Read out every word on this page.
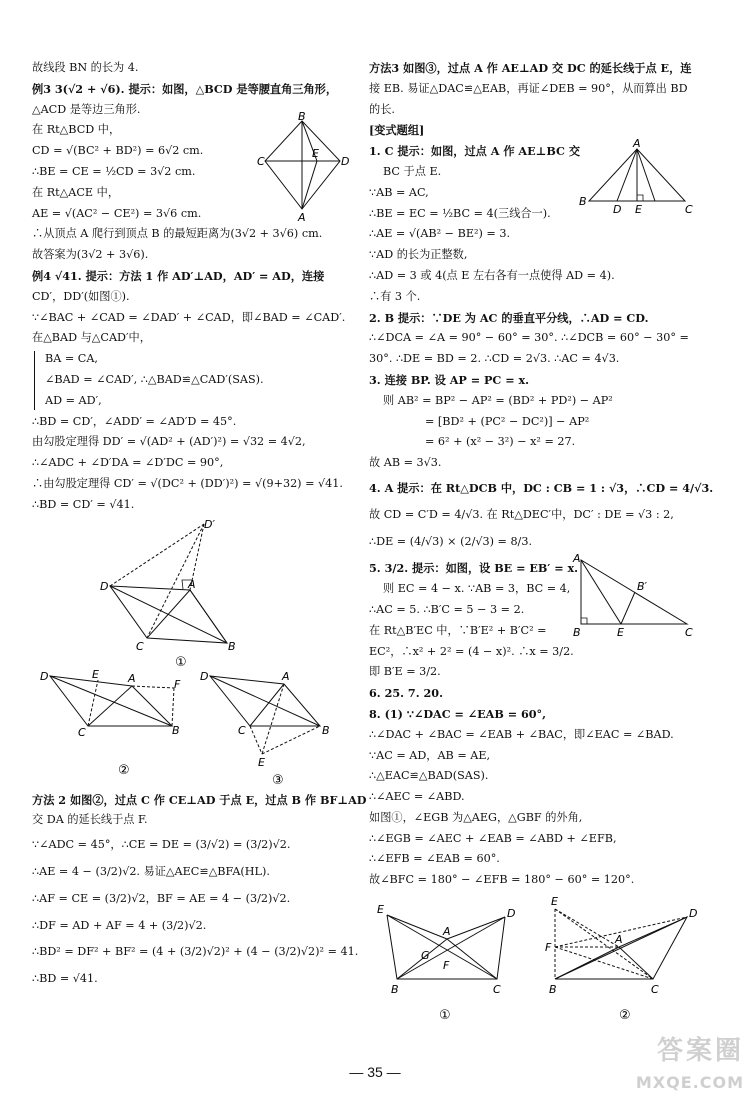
故线段 BN 的长为 4.
例3 3(√2 + √6). 提示：如图，△BCD 是等腰直角三角形，
△ACD 是等边三角形.
在 Rt△BCD 中，
CD = √(BC² + BD²) = 6√2 cm.
∴BE = CE = ½CD = 3√2 cm.
在 Rt△ACE 中，
AE = √(AC² − CE²) = 3√6 cm.
B
C	D
E
A
∴从顶点 A 爬行到顶点 B 的最短距离为(3√2 + 3√6) cm.
故答案为(3√2 + 3√6).
例4 √41. 提示：方法 1 作 AD′⊥AD，AD′ = AD，连接
CD′，DD′(如图①).
∵∠BAC + ∠CAD = ∠DAD′ + ∠CAD，即∠BAD = ∠CAD′.
在△BAD 与△CAD′中，
BA = CA,
∠BAD = ∠CAD′, ∴△BAD≌△CAD′(SAS).
AD = AD′,
∴BD = CD′，∠ADD′ = ∠AD′D = 45°.
由勾股定理得 DD′ = √(AD² + (AD′)²) = √32 = 4√2,
∴∠ADC + ∠D′DA = ∠D′DC = 90°,
∴由勾股定理得 CD′ = √(DC² + (DD′)²) = √(9+32) = √41.
∴BD = CD′ = √41.
D′
D	A
C	B
①
D	E	A	F
C	B
②
D	A
C	B
E
③
方法 2 如图②，过点 C 作 CE⊥AD 于点 E，过点 B 作 BF⊥AD
交 DA 的延长线于点 F.
∵∠ADC = 45°，∴CE = DE = (3/√2) = (3/2)√2.
∴AE = 4 − (3/2)√2. 易证△AEC≌△BFA(HL).
∴AF = CE = (3/2)√2，BF = AE = 4 − (3/2)√2.
∴DF = AD + AF = 4 + (3/2)√2.
∴BD² = DF² + BF² = (4 + (3/2)√2)² + (4 − (3/2)√2)² = 41.
∴BD = √41.
方法3 如图③，过点 A 作 AE⊥AD 交 DC 的延长线于点 E，连
接 EB. 易证△DAC≌△EAB，再证∠DEB = 90°，从而算出 BD
的长.
[变式题组]
1. C 提示：如图，过点 A 作 AE⊥BC 交
BC 于点 E.
∵AB = AC,
∴BE = EC = ½BC = 4(三线合一).
A
B
D E	C
∴AE = √(AB² − BE²) = 3.
∵AD 的长为正整数,
∴AD = 3 或 4(点 E 左右各有一点使得 AD = 4).
∴有 3 个.
2. B 提示：∵DE 为 AC 的垂直平分线，∴AD = CD.
∴∠DCA = ∠A = 90° − 60° = 30°. ∴∠DCB = 60° − 30° =
30°. ∴DE = BD = 2. ∴CD = 2√3. ∴AC = 4√3.
3. 连接 BP. 设 AP = PC = x.
则 AB² = BP² − AP² = (BD² + PD²) − AP²
= [BD² + (PC² − DC²)] − AP²
= 6² + (x² − 3²) − x² = 27.
故 AB = 3√3.
4. A 提示：在 Rt△DCB 中，DC : CB = 1 : √3，∴CD = 4/√3.
故 CD = C′D = 4/√3. 在 Rt△DEC′中，DC′ : DE = √3 : 2,
∴DE = (4/√3) × (2/√3) = 8/3.
5. 3/2. 提示：如图，设 BE = EB′ = x.
则 EC = 4 − x. ∵AB = 3，BC = 4,
∴AC = 5. ∴B′C = 5 − 3 = 2.
在 Rt△B′EC 中，∵B′E² + B′C² =
EC²，∴x² + 2² = (4 − x)². ∴x = 3/2.
A
B′
B	E	C
即 B′E = 3/2.
6. 25. 7. 20.
8. (1) ∵∠DAC = ∠EAB = 60°,
∴∠DAC + ∠BAC = ∠EAB + ∠BAC，即∠EAC = ∠BAD.
∵AC = AD，AB = AE,
∴△EAC≌△BAD(SAS).
∴∠AEC = ∠ABD.
如图①，∠EGB 为△AEG，△GBF 的外角,
∴∠EGB = ∠AEC + ∠EAB = ∠ABD + ∠EFB,
∴∠EFB = ∠EAB = 60°.
故∠BFC = 180° − ∠EFB = 180° − 60° = 120°.
E
A
D
G
F
B	C
①
E
A
D
F
B	C
②
— 35 —
答案圈
MXQE.COM
